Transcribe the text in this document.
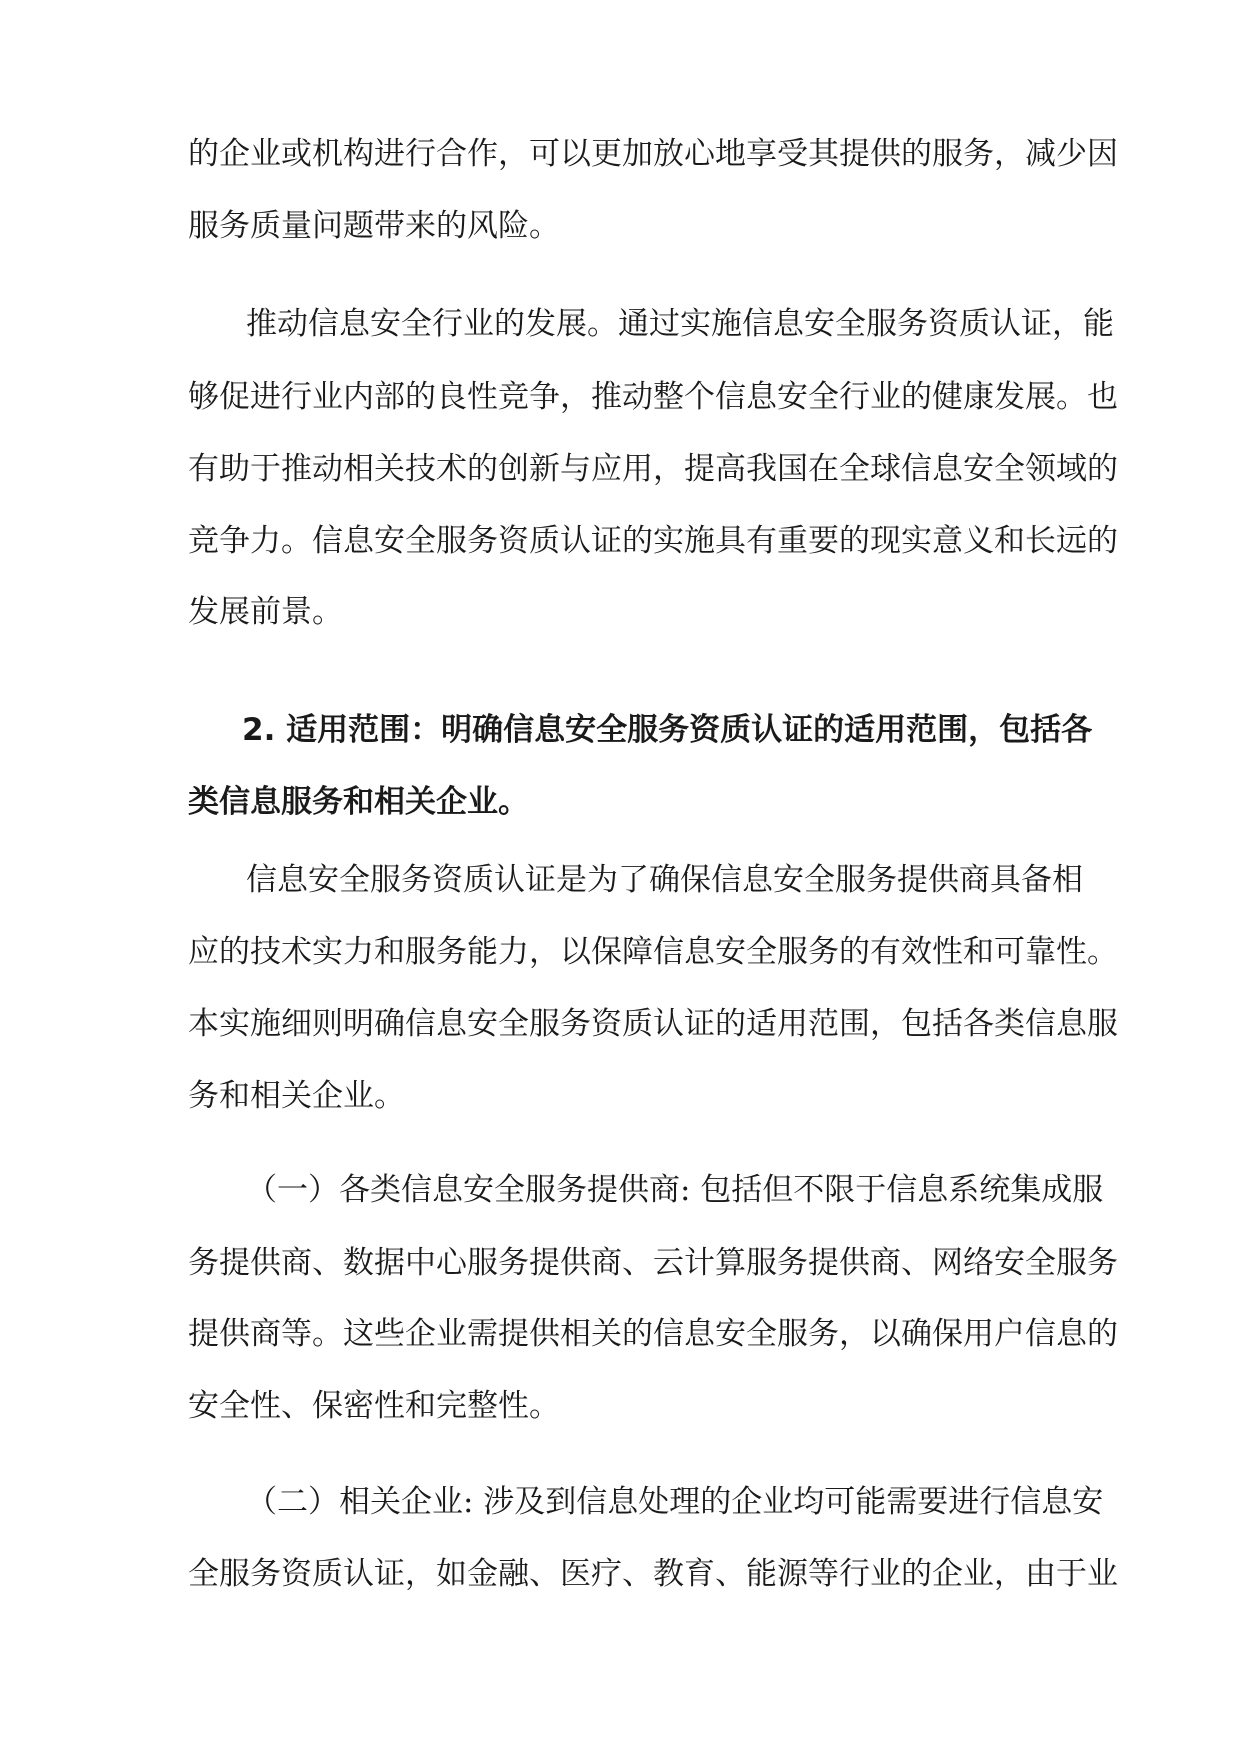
的企业或机构进行合作，可以更加放心地享受其提供的服务，减少因
服务质量问题带来的风险。
推动信息安全行业的发展。通过实施信息安全服务资质认证，能
够促进行业内部的良性竞争，推动整个信息安全行业的健康发展。也
有助于推动相关技术的创新与应用，提高我国在全球信息安全领域的
竞争力。信息安全服务资质认证的实施具有重要的现实意义和长远的
发展前景。
2. 适用范围：明确信息安全服务资质认证的适用范围，包括各
类信息服务和相关企业。
信息安全服务资质认证是为了确保信息安全服务提供商具备相
应的技术实力和服务能力，以保障信息安全服务的有效性和可靠性。
本实施细则明确信息安全服务资质认证的适用范围，包括各类信息服
务和相关企业。
（一）各类信息安全服务提供商: 包括但不限于信息系统集成服
务提供商、数据中心服务提供商、云计算服务提供商、网络安全服务
提供商等。这些企业需提供相关的信息安全服务，以确保用户信息的
安全性、保密性和完整性。
（二）相关企业: 涉及到信息处理的企业均可能需要进行信息安
全服务资质认证，如金融、医疗、教育、能源等行业的企业，由于业
